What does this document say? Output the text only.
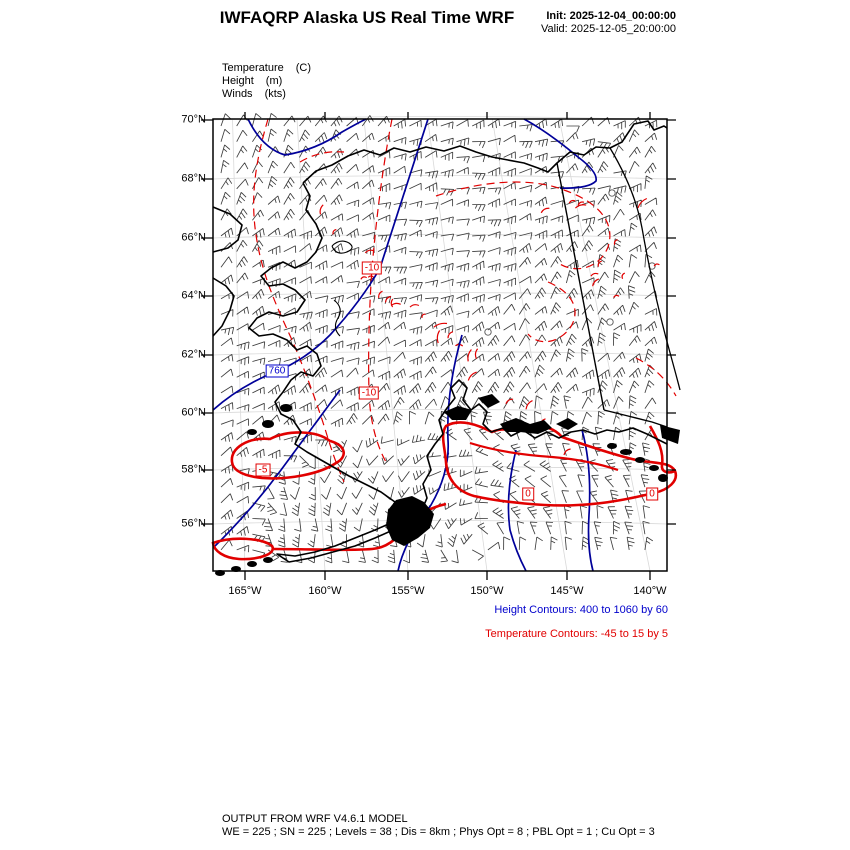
IWFAQRP Alaska US Real Time WRF	Init: 2025-12-04_00:00:00
Valid: 2025-12-05_20:00:00
Temperature (C)
Height (m)
Winds (kts)
70°N
68°N
66°N
64°N
62°N
60°N
58°N
56°N
165°W	160°W	155°W	150°W	145°W	140°W
-10
760
-10
-5
0	0
Height Contours: 400 to 1060 by 60
Temperature Contours: -45 to 15 by 5
OUTPUT FROM WRF V4.6.1 MODEL
WE = 225 ; SN = 225 ; Levels = 38 ; Dis = 8km ; Phys Opt = 8 ; PBL Opt = 1 ; Cu Opt = 3
